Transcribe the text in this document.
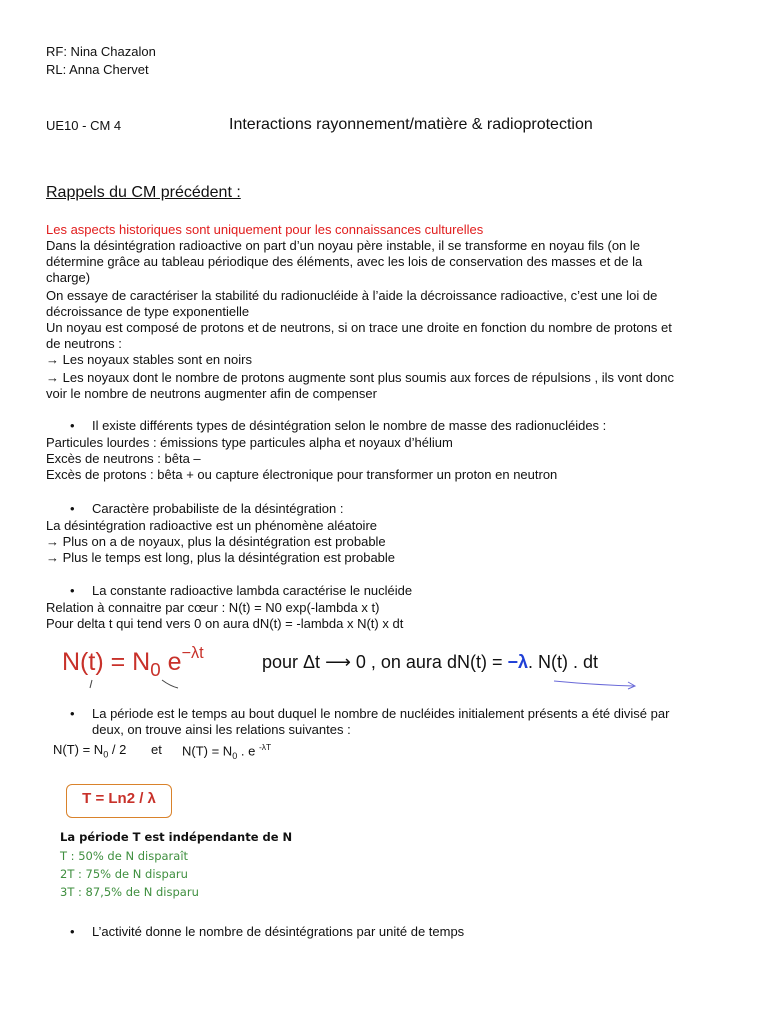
RF: Nina Chazalon
RL: Anna Chervet
UE10 - CM 4	Interactions rayonnement/matière & radioprotection
Rappels du CM précédent :
Les aspects historiques sont uniquement pour les connaissances culturelles
Dans la désintégration radioactive on part d’un noyau père instable, il se transforme en noyau fils (on le
détermine grâce au tableau périodique des éléments, avec les lois de conservation des masses et de la
charge)
On essaye de caractériser la stabilité du radionucléide à l’aide la décroissance radioactive, c’est une loi de
décroissance de type exponentielle
Un noyau est composé de protons et de neutrons, si on trace une droite en fonction du nombre de protons et
de neutrons :
→ Les noyaux stables sont en noirs
→ Les noyaux dont le nombre de protons augmente sont plus soumis aux forces de répulsions , ils vont donc
voir le nombre de neutrons augmenter afin de compenser
• Il existe différents types de désintégration selon le nombre de masse des radionucléides :
Particules lourdes : émissions type particules alpha et noyaux d’hélium
Excès de neutrons : bêta –
Excès de protons : bêta + ou capture électronique pour transformer un proton en neutron
• Caractère probabiliste de la désintégration :
La désintégration radioactive est un phénomène aléatoire
→ Plus on a de noyaux, plus la désintégration est probable
→ Plus le temps est long, plus la désintégration est probable
• La constante radioactive lambda caractérise le nucléide
Relation à connaitre par cœur : N(t) = N0 exp(-lambda x t)
Pour delta t qui tend vers 0 on aura dN(t) = -lambda x N(t) x dt
$N(t) = N_0$ $e^{-\lambda t}$	pour Δt ⟶ 0 , on aura dN(t) = −λ. N(t) . dt
• La période est le temps au bout duquel le nombre de nucléides initialement présents a été divisé par
deux, on trouve ainsi les relations suivantes :
$N(T) = N_0 / 2$ et $N(T) = N_0$ . e $^{-\lambda T}$
T = Ln2 / λ
La période T est indépendante de N
T : 50% de N disparaît
2T : 75% de N disparu
3T : 87,5% de N disparu
• L’activité donne le nombre de désintégrations par unité de temps
